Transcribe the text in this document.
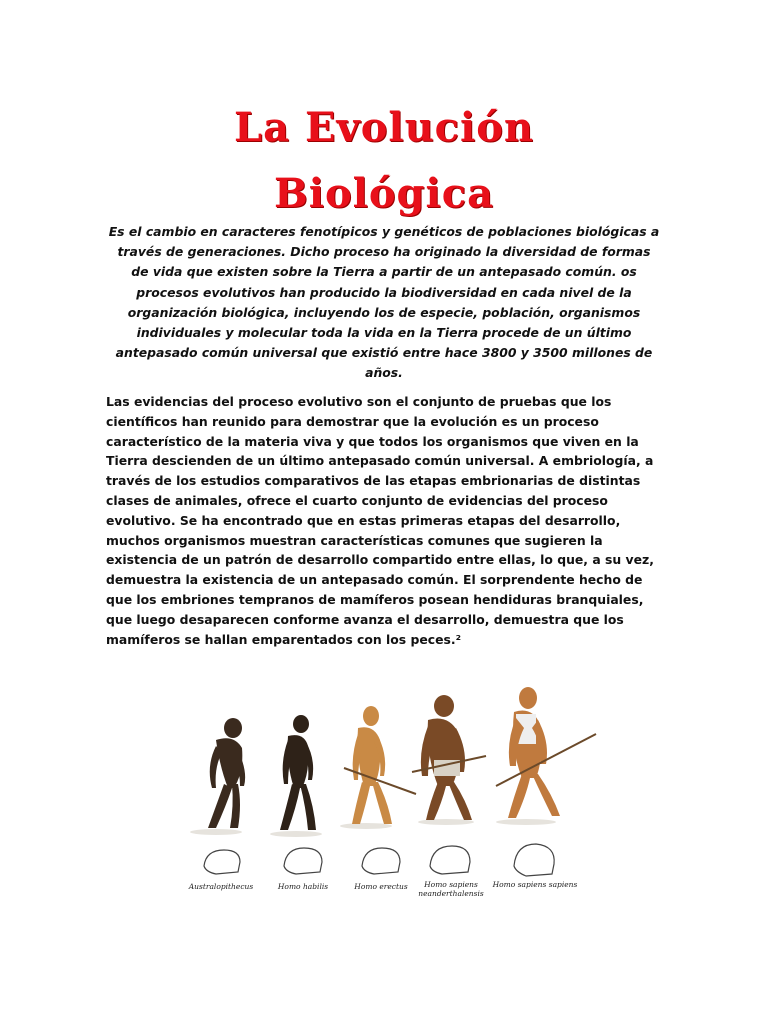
La Evolución
Biológica
Es el cambio en caracteres fenotípicos y genéticos de poblaciones biológicas a través de generaciones. Dicho proceso ha originado la diversidad de formas de vida que existen sobre la Tierra a partir de un antepasado común. os procesos evolutivos han producido la biodiversidad en cada nivel de la organización biológica, incluyendo los de especie, población, organismos individuales y molecular toda la vida en la Tierra procede de un último antepasado común universal que existió entre hace 3800 y 3500 millones de años.
Las evidencias del proceso evolutivo son el conjunto de pruebas que los científicos han reunido para demostrar que la evolución es un proceso característico de la materia viva y que todos los organismos que viven en la Tierra descienden de un último antepasado común universal. A embriología, a través de los estudios comparativos de las etapas embrionarias de distintas clases de animales, ofrece el cuarto conjunto de evidencias del proceso evolutivo. Se ha encontrado que en estas primeras etapas del desarrollo, muchos organismos muestran características comunes que sugieren la existencia de un patrón de desarrollo compartido entre ellas, lo que, a su vez, demuestra la existencia de un antepasado común. El sorprendente hecho de que los embriones tempranos de mamíferos posean hendiduras branquiales, que luego desaparecen conforme avanza el desarrollo, demuestra que los mamíferos se hallan emparentados con los peces.²
Australopithecus	Homo habilis	Homo erectus	Homo sapiens neanderthalensis
Homo sapiens sapiens
